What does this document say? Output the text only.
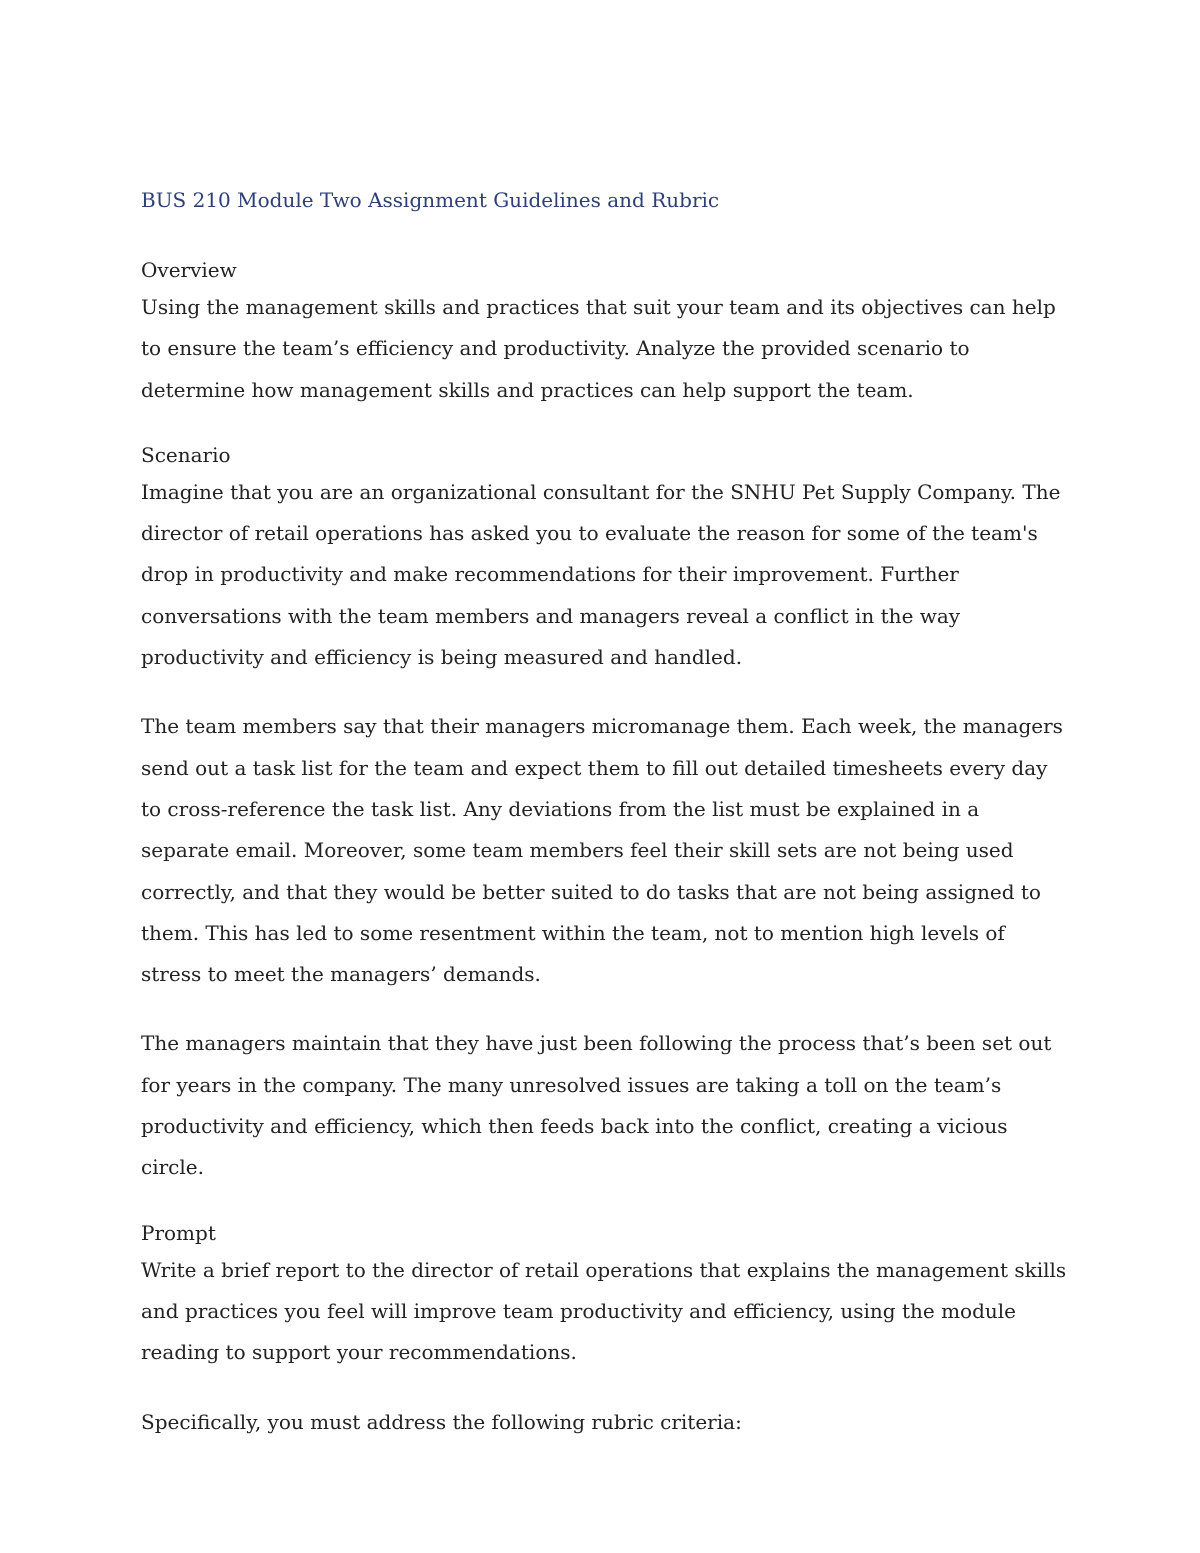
BUS 210 Module Two Assignment Guidelines and Rubric
Overview

Using the management skills and practices that suit your team and its objectives can help to ensure the team’s efficiency and productivity. Analyze the provided scenario to determine how management skills and practices can help support the team.

Scenario

Imagine that you are an organizational consultant for the SNHU Pet Supply Company. The director of retail operations has asked you to evaluate the reason for some of the team's drop in productivity and make recommendations for their improvement. Further conversations with the team members and managers reveal a conflict in the way productivity and efficiency is being measured and handled.

The team members say that their managers micromanage them. Each week, the managers send out a task list for the team and expect them to fill out detailed timesheets every day to cross-reference the task list. Any deviations from the list must be explained in a separate email. Moreover, some team members feel their skill sets are not being used correctly, and that they would be better suited to do tasks that are not being assigned to them. This has led to some resentment within the team, not to mention high levels of stress to meet the managers’ demands.

The managers maintain that they have just been following the process that’s been set out for years in the company. The many unresolved issues are taking a toll on the team’s productivity and efficiency, which then feeds back into the conflict, creating a vicious circle.

Prompt

Write a brief report to the director of retail operations that explains the management skills and practices you feel will improve team productivity and efficiency, using the module reading to support your recommendations.

Specifically, you must address the following rubric criteria:
